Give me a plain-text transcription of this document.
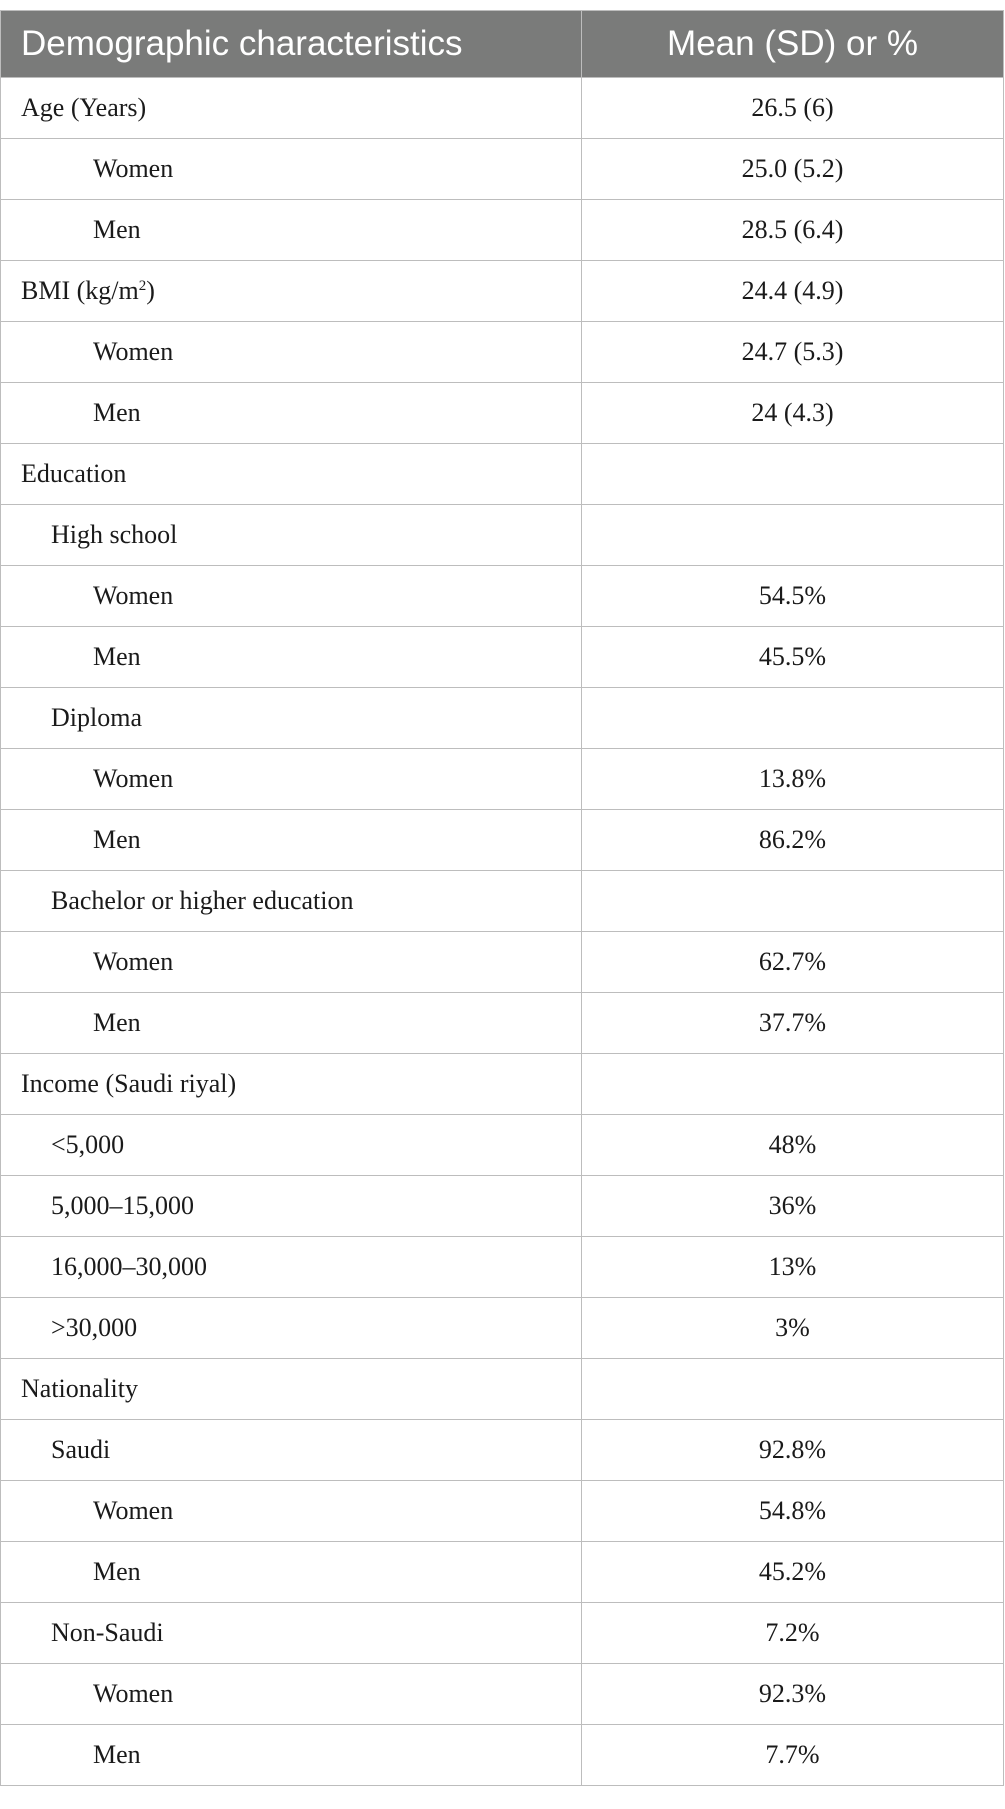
Demographic characteristics	Mean (SD) or %
Age (Years)	26.5 (6)
Women	25.0 (5.2)
Men	28.5 (6.4)
BMI $(kg/m^2)$	24.4 (4.9)
Women	24.7 (5.3)
Men	24 (4.3)
Education	
High school	
Women	54.5%
Men	45.5%
Diploma	
Women	13.8%
Men	86.2%
Bachelor or higher education	
Women	62.7%
Men	37.7%
Income (Saudi riyal)	
<5,000	48%
5,000–15,000	36%
16,000–30,000	13%
>30,000	3%
Nationality	
Saudi	92.8%
Women	54.8%
Men	45.2%
Non-Saudi	7.2%
Women	92.3%
Men	7.7%
